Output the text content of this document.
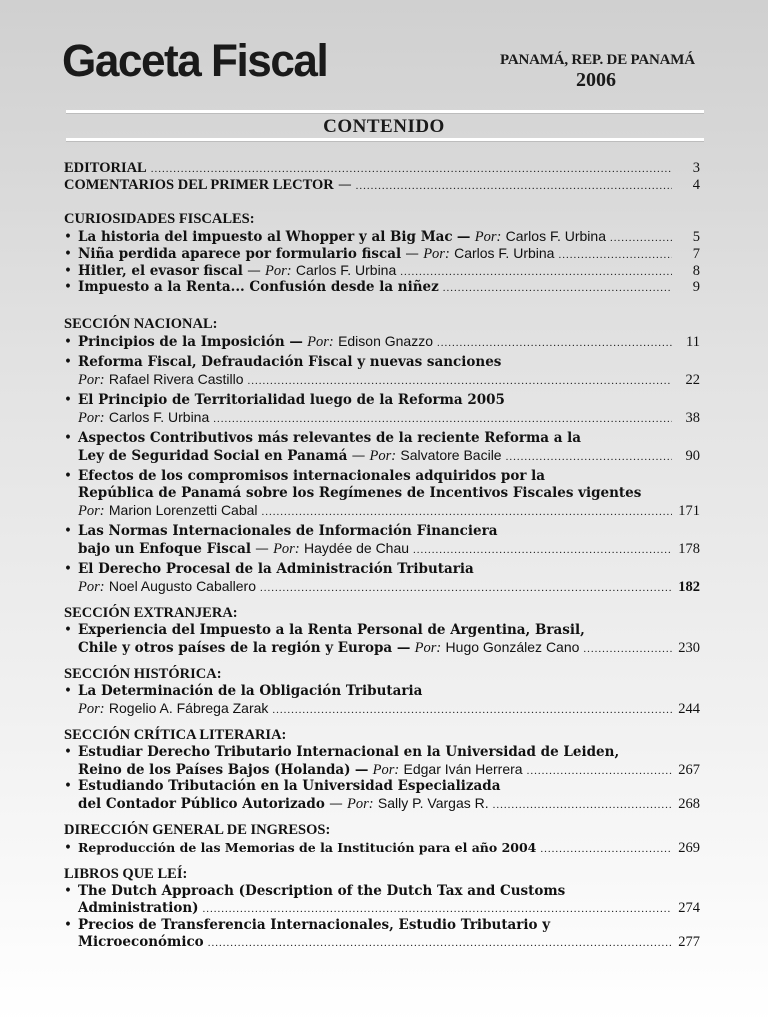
Gaceta Fiscal	PANAMÁ, REP. DE PANAMÁ
2006
CONTENIDO
EDITORIAL .....	3
COMENTARIOS DEL PRIMER LECTOR — .....	4
CURIOSIDADES FISCALES:
• La historia del impuesto al Whopper y al Big Mac — Por: Carlos F. Urbina .....	5
• Niña perdida aparece por formulario fiscal — Por: Carlos F. Urbina .....	7
• Hitler, el evasor fiscal — Por: Carlos F. Urbina .....	8
• Impuesto a la Renta... Confusión desde la niñez .....	9
SECCIÓN NACIONAL:
• Principios de la Imposición — Por: Edison Gnazzo .....	11
• Reforma Fiscal, Defraudación Fiscal y nuevas sanciones
Por: Rafael Rivera Castillo .....	22
• El Principio de Territorialidad luego de la Reforma 2005
Por: Carlos F. Urbina .....	38
• Aspectos Contributivos más relevantes de la reciente Reforma a la
Ley de Seguridad Social en Panamá — Por: Salvatore Bacile .....	90
• Efectos de los compromisos internacionales adquiridos por la
República de Panamá sobre los Regímenes de Incentivos Fiscales vigentes
Por: Marion Lorenzetti Cabal .....	171
• Las Normas Internacionales de Información Financiera
bajo un Enfoque Fiscal — Por: Haydée de Chau .....	178
• El Derecho Procesal de la Administración Tributaria
Por: Noel Augusto Caballero .....	182
SECCIÓN EXTRANJERA:
• Experiencia del Impuesto a la Renta Personal de Argentina, Brasil,
Chile y otros países de la región y Europa — Por: Hugo González Cano .....	230
SECCIÓN HISTÓRICA:
• La Determinación de la Obligación Tributaria
Por: Rogelio A. Fábrega Zarak .....	244
SECCIÓN CRÍTICA LITERARIA:
• Estudiar Derecho Tributario Internacional en la Universidad de Leiden,
Reino de los Países Bajos (Holanda) — Por: Edgar Iván Herrera .....	267
• Estudiando Tributación en la Universidad Especializada
del Contador Público Autorizado — Por: Sally P. Vargas R. .....	268
DIRECCIÓN GENERAL DE INGRESOS:
• Reproducción de las Memorias de la Institución para el año 2004 .....	269
LIBROS QUE LEÍ:
• The Dutch Approach (Description of the Dutch Tax and Customs
Administration) .....	274
• Precios de Transferencia Internacionales, Estudio Tributario y
Microeconómico .....	277
